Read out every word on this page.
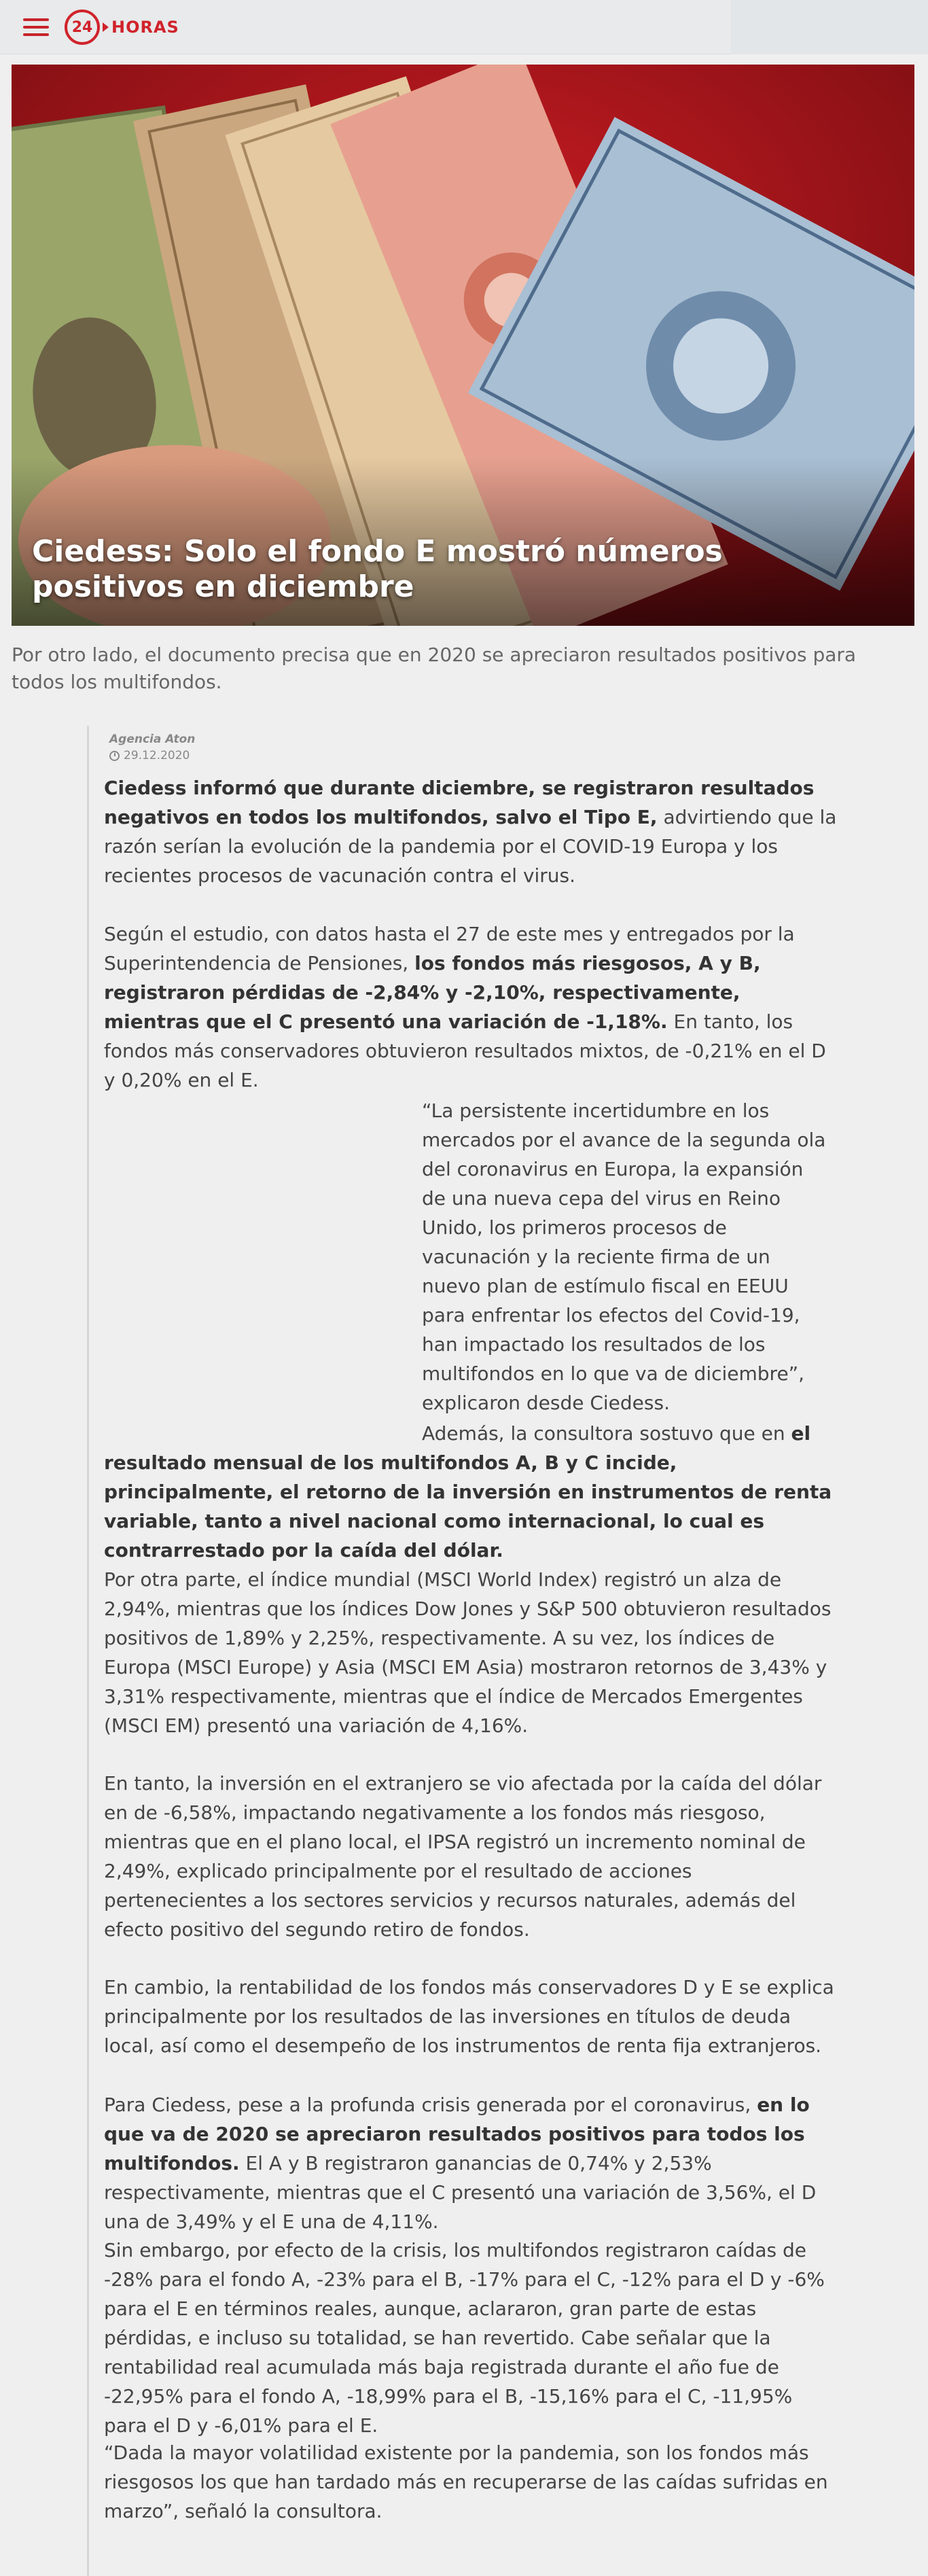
24	HORAS
Ciedess: Solo el fondo E mostró números positivos en diciembre
Por otro lado, el documento precisa que en 2020 se apreciaron resultados positivos para todos los multifondos.
Agencia Aton
29.12.2020

Ciedess informó que durante diciembre, se registraron resultados negativos en todos los multifondos, salvo el Tipo E, advirtiendo que la razón serían la evolución de la pandemia por el COVID-19 Europa y los recientes procesos de vacunación contra el virus.

Según el estudio, con datos hasta el 27 de este mes y entregados por la Superintendencia de Pensiones, los fondos más riesgosos, A y B, registraron pérdidas de -2,84% y -2,10%, respectivamente, mientras que el C presentó una variación de -1,18%. En tanto, los fondos más conservadores obtuvieron resultados mixtos, de -0,21% en el D y 0,20% en el E.

“La persistente incertidumbre en los mercados por el avance de la segunda ola del coronavirus en Europa, la expansión de una nueva cepa del virus en Reino Unido, los primeros procesos de vacunación y la reciente firma de un nuevo plan de estímulo fiscal en EEUU para enfrentar los efectos del Covid-19, han impactado los resultados de los multifondos en lo que va de diciembre”, explicaron desde Ciedess.

Además, la consultora sostuvo que en el resultado mensual de los multifondos A, B y C incide, principalmente, el retorno de la inversión en instrumentos de renta variable, tanto a nivel nacional como internacional, lo cual es contrarrestado por la caída del dólar.

Por otra parte, el índice mundial (MSCI World Index) registró un alza de 2,94%, mientras que los índices Dow Jones y S&P 500 obtuvieron resultados positivos de 1,89% y 2,25%, respectivamente. A su vez, los índices de Europa (MSCI Europe) y Asia (MSCI EM Asia) mostraron retornos de 3,43% y 3,31% respectivamente, mientras que el índice de Mercados Emergentes (MSCI EM) presentó una variación de 4,16%.

En tanto, la inversión en el extranjero se vio afectada por la caída del dólar en de -6,58%, impactando negativamente a los fondos más riesgoso, mientras que en el plano local, el IPSA registró un incremento nominal de 2,49%, explicado principalmente por el resultado de acciones pertenecientes a los sectores servicios y recursos naturales, además del efecto positivo del segundo retiro de fondos.

En cambio, la rentabilidad de los fondos más conservadores D y E se explica principalmente por los resultados de las inversiones en títulos de deuda local, así como el desempeño de los instrumentos de renta fija extranjeros.

Para Ciedess, pese a la profunda crisis generada por el coronavirus, en lo que va de 2020 se apreciaron resultados positivos para todos los multifondos. El A y B registraron ganancias de 0,74% y 2,53% respectivamente, mientras que el C presentó una variación de 3,56%, el D una de 3,49% y el E una de 4,11%.

Sin embargo, por efecto de la crisis, los multifondos registraron caídas de -28% para el fondo A, -23% para el B, -17% para el C, -12% para el D y -6% para el E en términos reales, aunque, aclararon, gran parte de estas pérdidas, e incluso su totalidad, se han revertido. Cabe señalar que la rentabilidad real acumulada más baja registrada durante el año fue de -22,95% para el fondo A, -18,99% para el B, -15,16% para el C, -11,95% para el D y -6,01% para el E.

“Dada la mayor volatilidad existente por la pandemia, son los fondos más riesgosos los que han tardado más en recuperarse de las caídas sufridas en marzo”, señaló la consultora.
